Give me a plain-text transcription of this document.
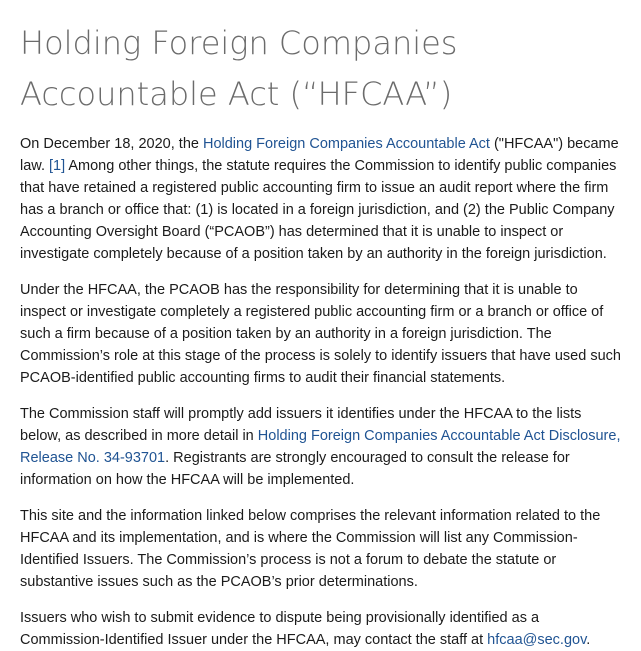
Holding Foreign Companies
Accountable Act (“HFCAA”)

On December 18, 2020, the Holding Foreign Companies Accountable Act ("HFCAA") became law. [1] Among other things, the statute requires the Commission to identify public companies that have retained a registered public accounting firm to issue an audit report where the firm has a branch or office that: (1) is located in a foreign jurisdiction, and (2) the Public Company Accounting Oversight Board (“PCAOB”) has determined that it is unable to inspect or investigate completely because of a position taken by an authority in the foreign jurisdiction.

Under the HFCAA, the PCAOB has the responsibility for determining that it is unable to inspect or investigate completely a registered public accounting firm or a branch or office of such a firm because of a position taken by an authority in a foreign jurisdiction. The Commission’s role at this stage of the process is solely to identify issuers that have used such PCAOB-identified public accounting firms to audit their financial statements.

The Commission staff will promptly add issuers it identifies under the HFCAA to the lists below, as described in more detail in Holding Foreign Companies Accountable Act Disclosure, Release No. 34-93701. Registrants are strongly encouraged to consult the release for information on how the HFCAA will be implemented.

This site and the information linked below comprises the relevant information related to the HFCAA and its implementation, and is where the Commission will list any Commission-Identified Issuers. The Commission’s process is not a forum to debate the statute or substantive issues such as the PCAOB’s prior determinations.

Issuers who wish to submit evidence to dispute being provisionally identified as a Commission-Identified Issuer under the HFCAA, may contact the staff at hfcaa@sec.gov.
